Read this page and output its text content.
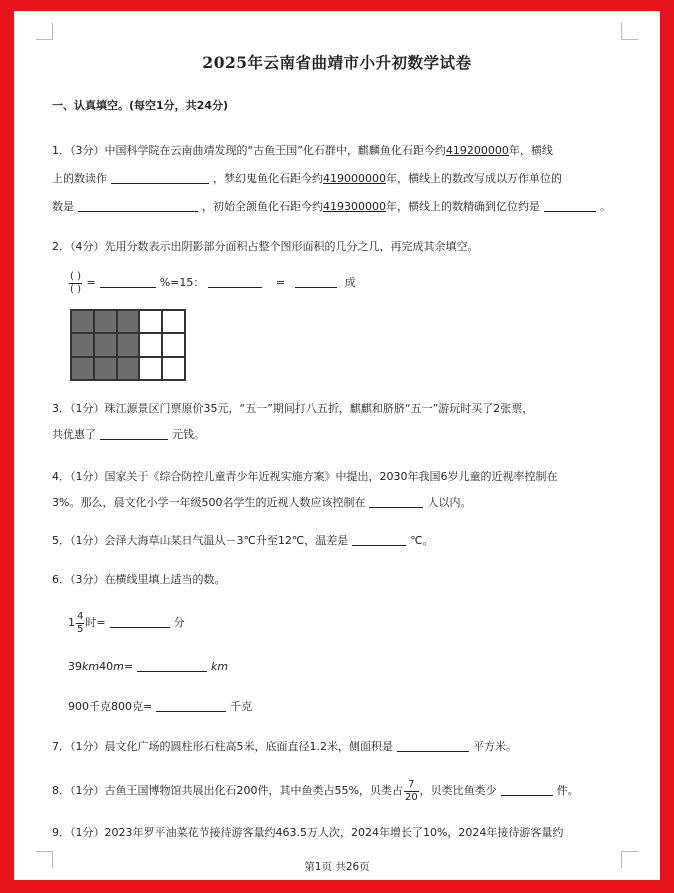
2025年云南省曲靖市小升初数学试卷
一、认真填空。(每空1分，共24分)
1．（3分）中国科学院在云南曲靖发现的“古鱼王国”化石群中，麒麟鱼化石距今约419200000年，横线
上的数读作	，梦幻鬼鱼化石距今约419000000年，横线上的数改写成以万作单位的
数是	，初始全颌鱼化石距今约419300000年，横线上的数精确到亿位约是	。
2．（4分）先用分数表示出阴影部分面积占整个图形面积的几分之几，再完成其余填空。
$\frac{( )}{( )}$ =	%=15：	=	成
3．（1分）珠江源景区门票原价35元，“五一”期间打八五折，麒麒和脐脐“五一”游玩时买了2张票，
共优惠了	元钱。
4．（1分）国家关于《综合防控儿童青少年近视实施方案》中提出，2030年我国6岁儿童的近视率控制在
3%。那么，晨文化小学一年级500名学生的近视人数应该控制在	人以内。
5．（1分）会泽大海草山某日气温从－3℃升至12℃，温差是	℃。
6．（3分）在横线里填上适当的数。
$1 \frac{4}{5}$ 时=	分
39km40m=	km
900千克800克=	千克
7．（1分）晨文化广场的圆柱形石柱高5米，底面直径1.2米，侧面积是	平方米。
8．（1分）古鱼王国博物馆共展出化石200件，其中鱼类占55%，贝类占 $\frac{7}{20}$ ，贝类比鱼类少	件。
9．（1分）2023年罗平油菜花节接待游客量约463.5万人次，2024年增长了10%，2024年接待游客量约
第1页 共26页
